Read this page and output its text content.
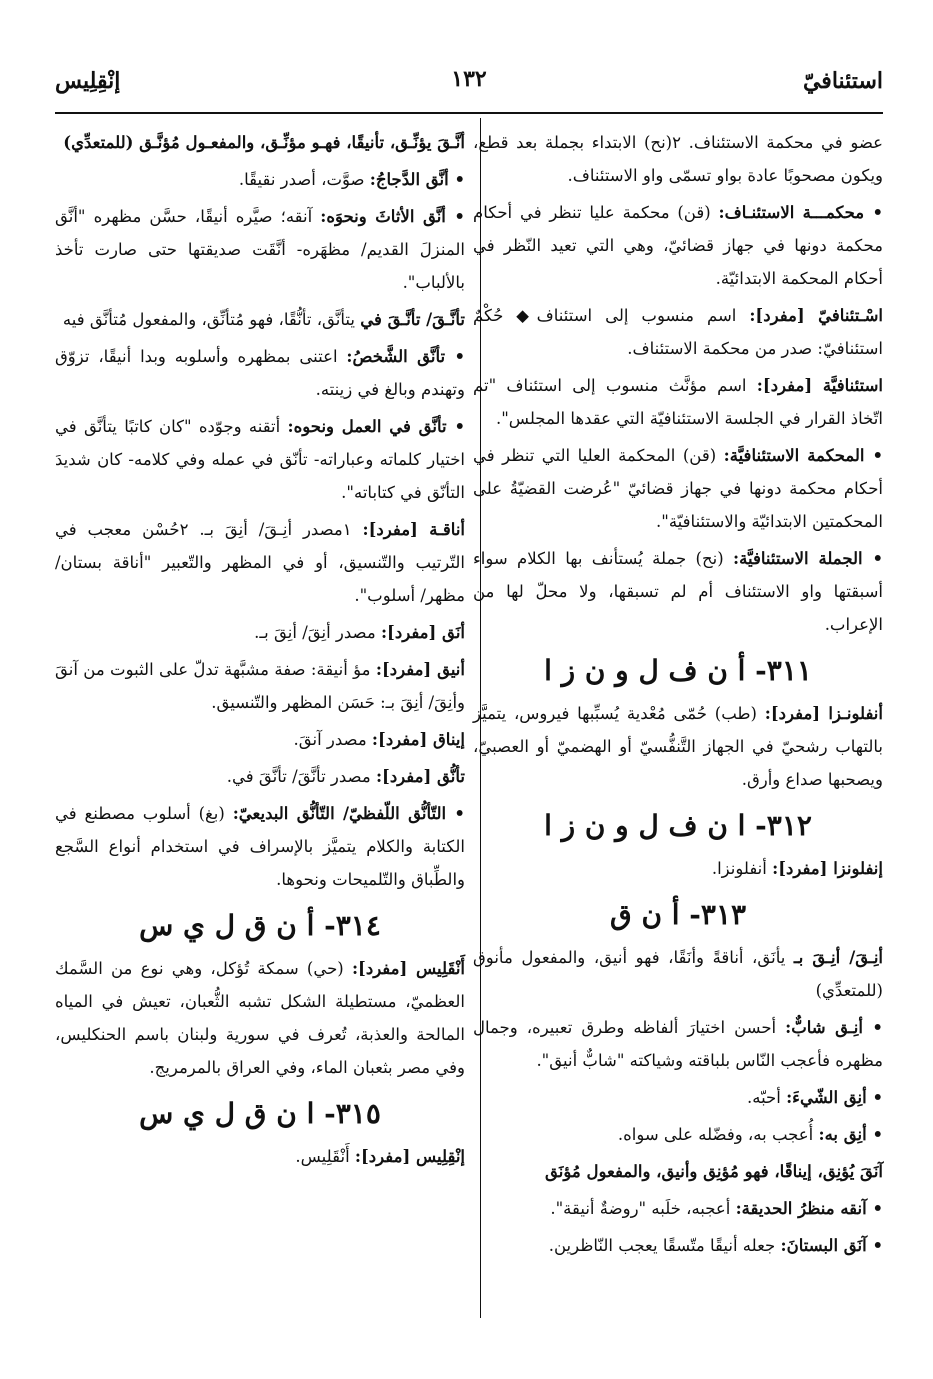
استئنافيّ
١٣٢
إنْقِلِيس

عضو في محكمة الاستئناف. ٢(نح) الابتداء بجملة بعد قطع، ويكون مصحوبًا عادة بواو تسمّى واو الاستئناف.

• محكمـــة الاستئنـاف: (قن) محكمة عليا تنظر في أحكام محكمة دونها في جهاز قضائيّ، وهي التي تعيد النّظر في أحكام المحكمة الابتدائيّة.

اسْـتئنافيّ [مفرد]: اسم منسوب إلى استئناف◆ حُكْمٌ استئنافيّ: صدر من محكمة الاستئناف.

استئنافيَّة [مفرد]: اسم مؤنَّث منسوب إلى استئناف "تم اتّخاذ القرار في الجلسة الاستئنافيّة التي عقدها المجلس".

• المحكمة الاستئنافيَّة: (قن) المحكمة العليا التي تنظر في أحكام محكمة دونها في جهاز قضائيّ "عُرضت القضيّةُ على المحكمتين الابتدائيّة والاستئنافيّة".

• الجملة الاستئنافيَّة: (نح) جملة يُستأنف بها الكلام سواء أسبقتها واو الاستئناف أم لم تسبقها، ولا محلّ لها من الإعراب.

٣١١- أ ن ف ل و ن ز ا

أنفلونـزا [مفرد]: (طب) حُمّى مُعْدية يُسبِّبها فيروس، يتميَّز بالتهاب رشحيّ في الجهاز التَّنفُّسيّ أو الهضميّ أو العصبيّ، ويصحبها صداع وأرق.

٣١٢- ا ن ف ل و ن ز ا

إنفلونزا [مفرد]: أنفلونزا.

٣١٣- أ ن ق

أنِـقَ/ أنِـقَ بـ يأنَق، أناقةً وأنَقًا، فهو أنيق، والمفعول مأنوق (للمتعدِّي)

• أنِـق شابٌّ: أحسن اختيارَ ألفاظه وطرق تعبيره، وجمال مظهره فأعجب النّاس بلباقته وشياكته "شابٌّ أنيق".

• أنِق الشّيءَ: أحبّه.

• أنِق به: أُعجب به، وفضّله على سواه.

آنَقَ يُؤنِق، إيناقًا، فهو مُؤنِق وأنيق، والمفعول مُؤنَق

• آنقه منظرُ الحديقة: أعجبه، خلَبه "روضةٌ أنيقة".

• آنَق البستانَ: جعله أنيقًا متّسقًا يعجب النّاظرين.

أنَّـقَ يؤنِّـق، تأنيقًا، فهـو مؤنِّـق، والمفعـول مُؤنَّـق (للمتعدِّي)

• أنَّق الدَّجاجُ: صوَّت، أصدر نقيقًا.

• أنَّق الأثاثَ ونحوَه: آنقه؛ صيَّره أنيقًا، حسَّن مظهره "أنَّق المنزلَ القديم/ مظهَره- أنَّقَت صديقتها حتى صارت تأخذ بالألباب".

تأنَّـقَ/ تأنَّـقَ في يتأنَّق، تأنُّقًا، فهو مُتأنِّق، والمفعول مُتأنَّق فيه

• تأنَّق الشَّخصُ: اعتنى بمظهره وأسلوبه وبدا أنيقًا، تزوّق وتهندم وبالغ في زينته.

• تأنَّق في العمل ونحوه: أتقنه وجوّده "كان كاتبًا يتأنَّق في اختيار كلماته وعباراته- تأنّق في عمله وفي كلامه- كان شديدَ التأنّق في كتاباته".

أناقـة [مفرد]: ١مصدر أنِـقَ/ أنِقَ بـ. ٢حُسْن معجب في التّرتيب والتّنسيق، أو في المظهر والتّعبير "أناقة بستان/ مظهر/ أسلوب".

أنَق [مفرد]: مصدر أنِقَ/ أنِقَ بـ.

أنيق [مفرد]: مؤ أنيقة: صفة مشبَّهة تدلّ على الثبوت من آنقَ وأنِقَ/ أنِقَ بـ: حَسَن المظهر والتّنسيق.

إيناق [مفرد]: مصدر آنقَ.

تأنُّق [مفرد]: مصدر تأنَّقَ/ تأنَّقَ في.

• التّأنُّق اللّفظيّ/ التّأنُّق البديعيّ: (بغ) أسلوب مصطنع في الكتابة والكلام يتميَّز بالإسراف في استخدام أنواع السَّجع والطِّباق والتّلميحات ونحوها.

٣١٤- أ ن ق ل ي س

أَنْقَلِيس [مفرد]: (حي) سمكة تُؤكل، وهي نوع من السَّمك العظميّ، مستطيلة الشكل تشبه الثُّعبان، تعيش في المياه المالحة والعذبة، تُعرف في سورية ولبنان باسم الحنكليس، وفي مصر بثعبان الماء، وفي العراق بالمرمريج.

٣١٥- ا ن ق ل ي س

إنْقِلِيس [مفرد]: أَنْقَلِيس.
